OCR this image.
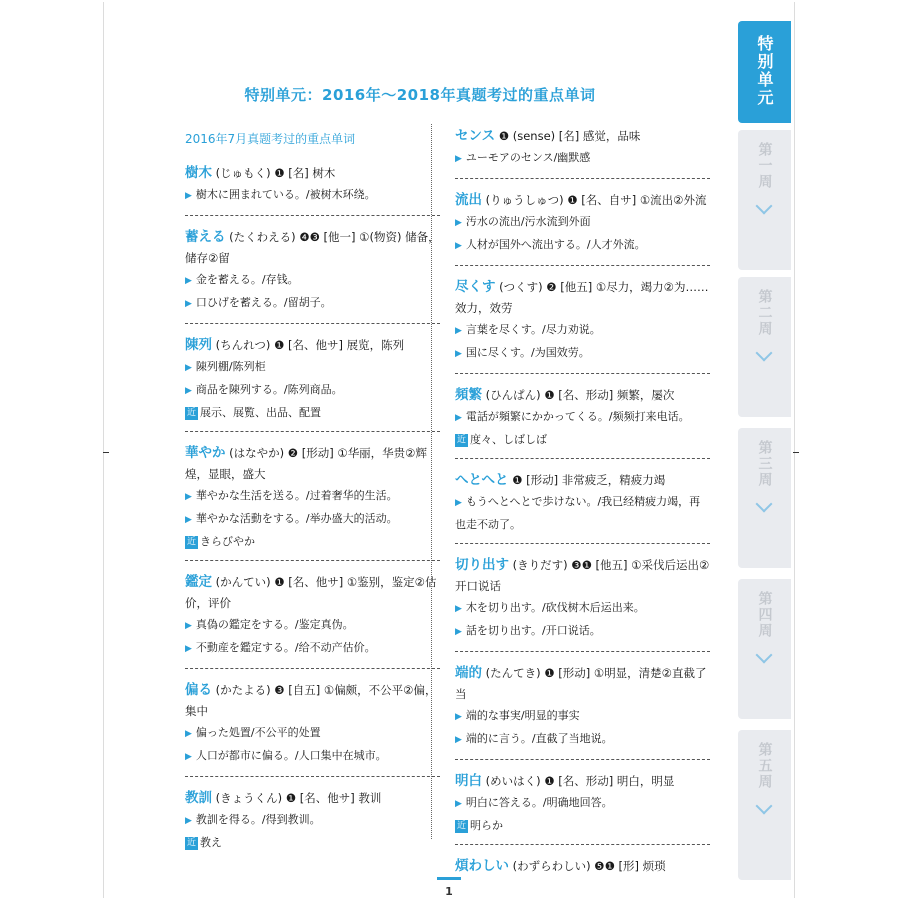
特别单元：2016年～2018年真题考过的重点单词
2016年7月真题考过的重点单词
樹木 (じゅもく) ❶ [名] 树木
▶ 樹木に囲まれている。/被树木环绕。
蓄える (たくわえる) ❹❸ [他一] ①(物资) 储备，储存②留
▶ 金を蓄える。/存钱。
▶ 口ひげを蓄える。/留胡子。
陳列 (ちんれつ) ❶ [名、他サ] 展览，陈列
▶ 陳列棚/陈列柜
▶ 商品を陳列する。/陈列商品。
近 展示、展覧、出品、配置
華やか (はなやか) ❷ [形动] ①华丽，华贵②辉煌，显眼，盛大
▶ 華やかな生活を送る。/过着奢华的生活。
▶ 華やかな活動をする。/举办盛大的活动。
近 きらびやか
鑑定 (かんてい) ❶ [名、他サ] ①鉴别，鉴定②估价，评价
▶ 真偽の鑑定をする。/鉴定真伪。
▶ 不動産を鑑定する。/给不动产估价。
偏る (かたよる) ❸ [自五] ①偏颇，不公平②偏，集中
▶ 偏った処置/不公平的处置
▶ 人口が都市に偏る。/人口集中在城市。
教訓 (きょうくん) ❶ [名、他サ] 教训
▶ 教訓を得る。/得到教训。
近 教え
センス ❶ (sense) [名] 感觉，品味
▶ ユーモアのセンス/幽默感
流出 (りゅうしゅつ) ❶ [名、自サ] ①流出②外流
▶ 汚水の流出/污水流到外面
▶ 人材が国外へ流出する。/人才外流。
尽くす (つくす) ❷ [他五] ①尽力，竭力②为……效力，效劳
▶ 言葉を尽くす。/尽力劝说。
▶ 国に尽くす。/为国效劳。
頻繁 (ひんぱん) ❶ [名、形动] 频繁，屡次
▶ 電話が頻繁にかかってくる。/频频打来电话。
近 度々、しばしば
へとへと ❶ [形动] 非常疲乏，精疲力竭
▶ もうへとへとで歩けない。/我已经精疲力竭，再也走不动了。
切り出す (きりだす) ❸❶ [他五] ①采伐后运出②开口说话
▶ 木を切り出す。/砍伐树木后运出来。
▶ 話を切り出す。/开口说话。
端的 (たんてき) ❶ [形动] ①明显，清楚②直截了当
▶ 端的な事実/明显的事实
▶ 端的に言う。/直截了当地说。
明白 (めいはく) ❶ [名、形动] 明白，明显
▶ 明白に答える。/明确地回答。
近 明らか
煩わしい (わずらわしい) ❺❶ [形] 烦琐
1
特别单元
第一周
第二周
第三周
第四周
第五周
